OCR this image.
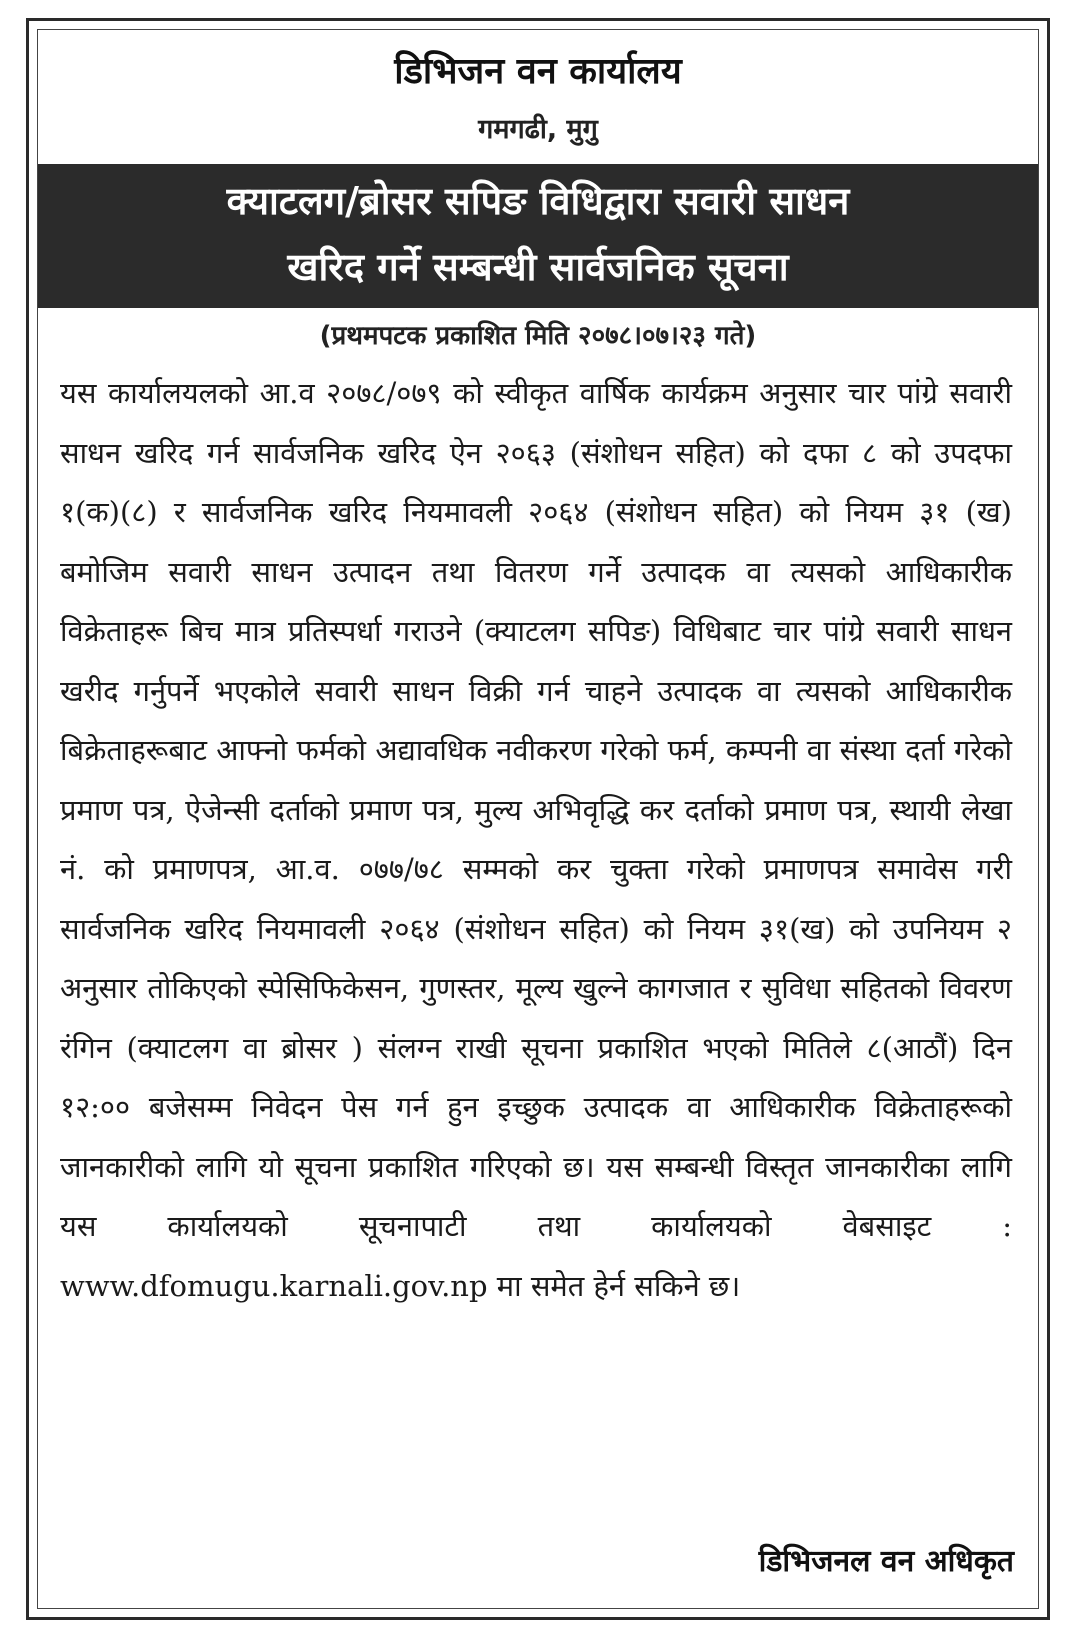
डिभिजन वन कार्यालय
गमगढी, मुगु
क्याटलग/ब्रोसर सपिङ विधिद्वारा सवारी साधन
खरिद गर्ने सम्बन्धी सार्वजनिक सूचना
(प्रथमपटक प्रकाशित मिति २०७८।०७।२३ गते)
यस कार्यालयलको आ.व २०७८/०७९ को स्वीकृत वार्षिक कार्यक्रम अनुसार चार पांग्रे सवारी साधन खरिद गर्न सार्वजनिक खरिद ऐन २०६३ (संशोधन सहित) को दफा ८ को उपदफा १(क)(८) र सार्वजनिक खरिद नियमावली २०६४ (संशोधन सहित) को नियम ३१ (ख) बमोजिम सवारी साधन उत्पादन तथा वितरण गर्ने उत्पादक वा त्यसको आधिकारीक विक्रेताहरू बिच मात्र प्रतिस्पर्धा गराउने (क्याटलग सपिङ) विधिबाट चार पांग्रे सवारी साधन खरीद गर्नुपर्ने भएकोले सवारी साधन विक्री गर्न चाहने उत्पादक वा त्यसको आधिकारीक बिक्रेताहरूबाट आफ्नो फर्मको अद्यावधिक नवीकरण गरेको फर्म, कम्पनी वा संस्था दर्ता गरेको प्रमाण पत्र, ऐजेन्सी दर्ताको प्रमाण पत्र, मुल्य अभिवृद्धि कर दर्ताको प्रमाण पत्र, स्थायी लेखा नं. को प्रमाणपत्र, आ.व. ०७७/७८ सम्मको कर चुक्ता गरेको प्रमाणपत्र समावेस गरी सार्वजनिक खरिद नियमावली २०६४ (संशोधन सहित) को नियम ३१(ख) को उपनियम २ अनुसार तोकिएको स्पेसिफिकेसन, गुणस्तर, मूल्य खुल्ने कागजात र सुविधा सहितको विवरण रंगिन (क्याटलग वा ब्रोसर ) संलग्न राखी सूचना प्रकाशित भएको मितिले ८(आठौं) दिन १२:०० बजेसम्म निवेदन पेस गर्न हुन इच्छुक उत्पादक वा आधिकारीक विक्रेताहरूको जानकारीको लागि यो सूचना प्रकाशित गरिएको छ। यस सम्बन्धी विस्तृत जानकारीका लागि यस कार्यालयको सूचनापाटी तथा कार्यालयको वेबसाइट : www.dfomugu.karnali.gov.np मा समेत हेर्न सकिने छ।
डिभिजनल वन अधिकृत
